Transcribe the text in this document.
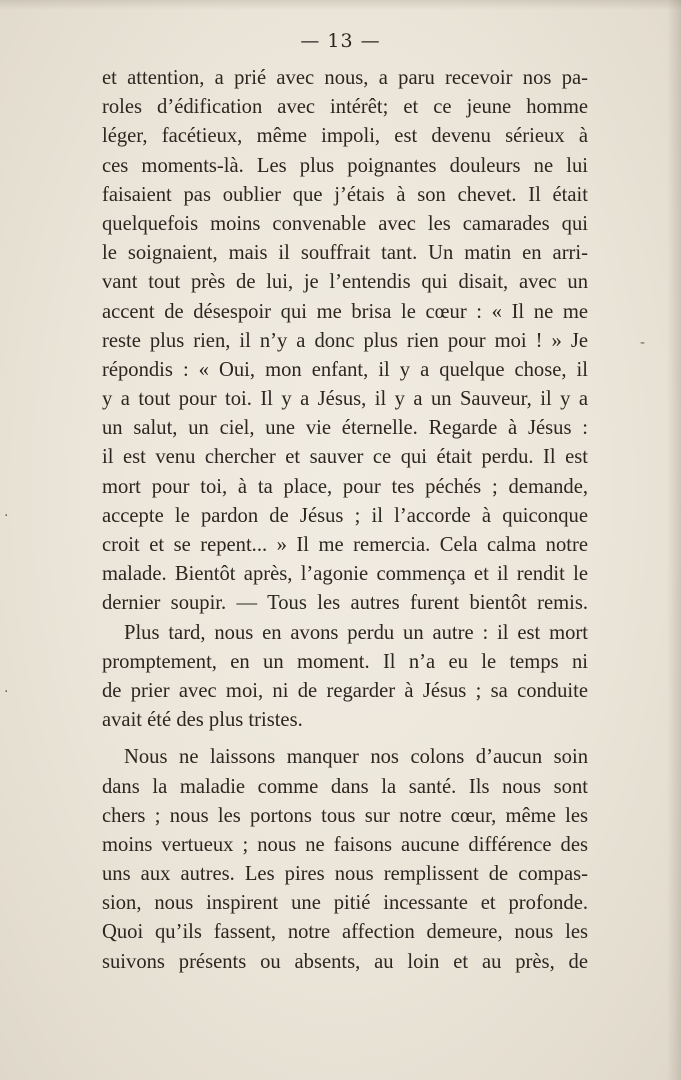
— 13 —
et attention, a prié avec nous, a paru recevoir nos pa-
roles d’édification avec intérêt; et ce jeune homme
léger, facétieux, même impoli, est devenu sérieux à
ces moments-là. Les plus poignantes douleurs ne lui
faisaient pas oublier que j’étais à son chevet. Il était
quelquefois moins convenable avec les camarades qui
le soignaient, mais il souffrait tant. Un matin en arri-
vant tout près de lui, je l’entendis qui disait, avec un
accent de désespoir qui me brisa le cœur : « Il ne me
reste plus rien, il n’y a donc plus rien pour moi ! » Je
répondis : « Oui, mon enfant, il y a quelque chose, il
y a tout pour toi. Il y a Jésus, il y a un Sauveur, il y a
un salut, un ciel, une vie éternelle. Regarde à Jésus :
il est venu chercher et sauver ce qui était perdu. Il est
mort pour toi, à ta place, pour tes péchés ; demande,
accepte le pardon de Jésus ; il l’accorde à quiconque
croit et se repent... » Il me remercia. Cela calma notre
malade. Bientôt après, l’agonie commença et il rendit le
dernier soupir. — Tous les autres furent bientôt remis.
Plus tard, nous en avons perdu un autre : il est mort
promptement, en un moment. Il n’a eu le temps ni
de prier avec moi, ni de regarder à Jésus ; sa conduite
avait été des plus tristes.
Nous ne laissons manquer nos colons d’aucun soin
dans la maladie comme dans la santé. Ils nous sont
chers ; nous les portons tous sur notre cœur, même les
moins vertueux ; nous ne faisons aucune différence des
uns aux autres. Les pires nous remplissent de compas-
sion, nous inspirent une pitié incessante et profonde.
Quoi qu’ils fassent, notre affection demeure, nous les
suivons présents ou absents, au loin et au près, de
-
·
·
